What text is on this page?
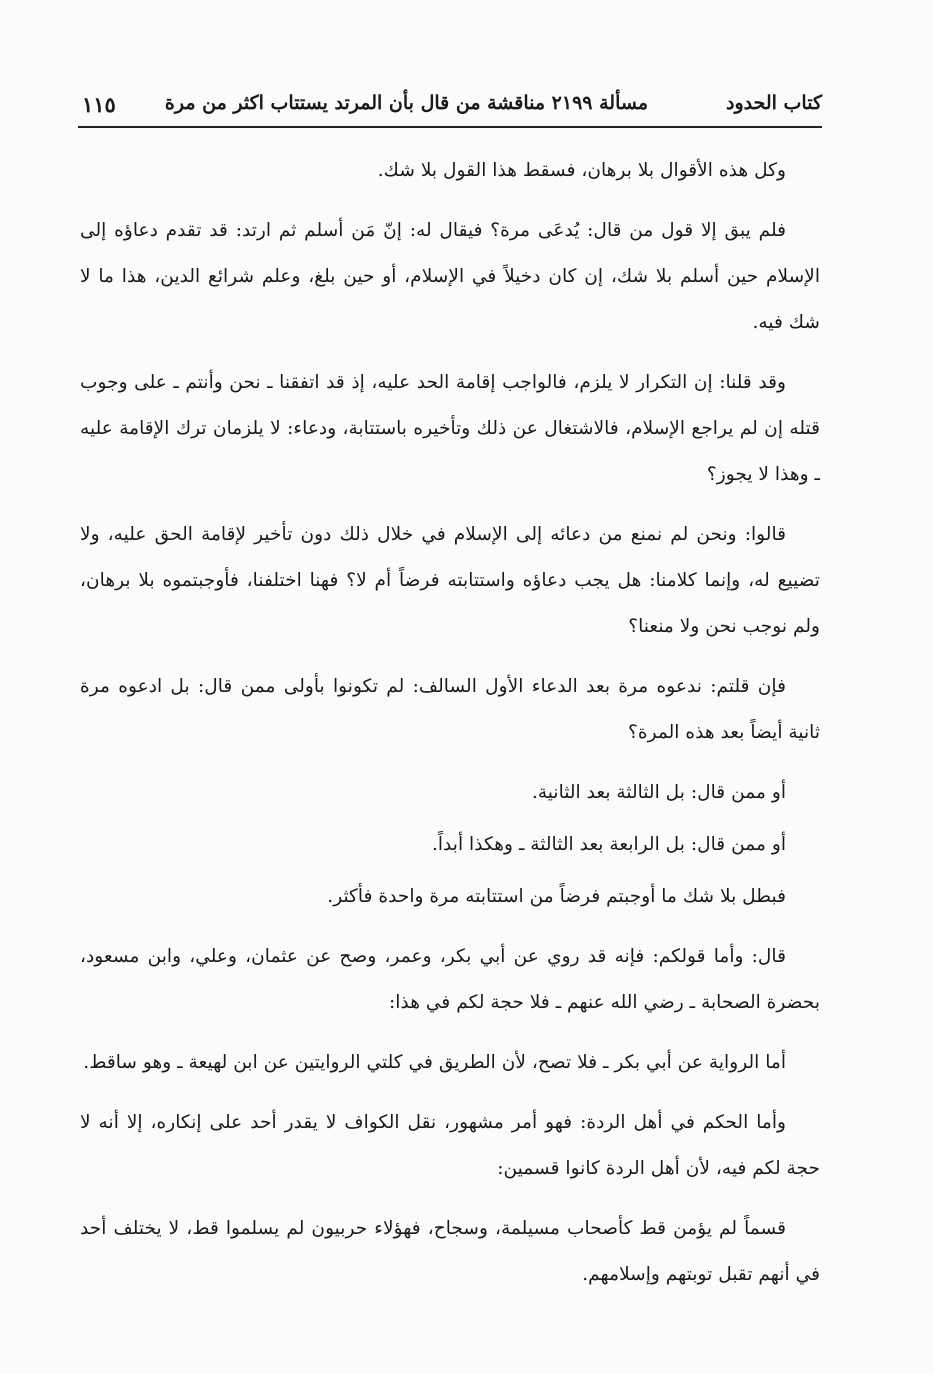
كتاب الحدود
مسألة ٢١٩٩ مناقشة من قال بأن المرتد يستتاب اكثر من مرة
١١٥

وكل هذه الأقوال بلا برهان، فسقط هذا القول بلا شك.

فلم يبق إلا قول من قال: يُدعَى مرة؟ فيقال له: إنّ مَن أسلم ثم ارتد: قد تقدم دعاؤه إلى الإسلام حين أسلم بلا شك، إن كان دخيلاً في الإسلام، أو حين بلغ، وعلم شرائع الدين، هذا ما لا شك فيه.

وقد قلنا: إن التكرار لا يلزم، فالواجب إقامة الحد عليه، إذ قد اتفقنا ـ نحن وأنتم ـ على وجوب قتله إن لم يراجع الإسلام، فالاشتغال عن ذلك وتأخيره باستتابة، ودعاء: لا يلزمان ترك الإقامة عليه ـ وهذا لا يجوز؟

قالوا: ونحن لم نمنع من دعائه إلى الإسلام في خلال ذلك دون تأخير لإقامة الحق عليه، ولا تضييع له، وإنما كلامنا: هل يجب دعاؤه واستتابته فرضاً أم لا؟ فهنا اختلفنا، فأوجبتموه بلا برهان، ولم نوجب نحن ولا منعنا؟

فإن قلتم: ندعوه مرة بعد الدعاء الأول السالف: لم تكونوا بأولى ممن قال: بل ادعوه مرة ثانية أيضاً بعد هذه المرة؟

أو ممن قال: بل الثالثة بعد الثانية.

أو ممن قال: بل الرابعة بعد الثالثة ـ وهكذا أبداً.

فبطل بلا شك ما أوجبتم فرضاً من استتابته مرة واحدة فأكثر.

قال: وأما قولكم: فإنه قد روي عن أبي بكر، وعمر، وصح عن عثمان، وعلي، وابن مسعود، بحضرة الصحابة ـ رضي الله عنهم ـ فلا حجة لكم في هذا:

أما الرواية عن أبي بكر ـ فلا تصح، لأن الطريق في كلتي الروايتين عن ابن لهيعة ـ وهو ساقط.

وأما الحكم في أهل الردة: فهو أمر مشهور، نقل الكواف لا يقدر أحد على إنكاره، إلا أنه لا حجة لكم فيه، لأن أهل الردة كانوا قسمين:

قسماً لم يؤمن قط كأصحاب مسيلمة، وسجاح، فهؤلاء حربيون لم يسلموا قط، لا يختلف أحد في أنهم تقبل توبتهم وإسلامهم.
